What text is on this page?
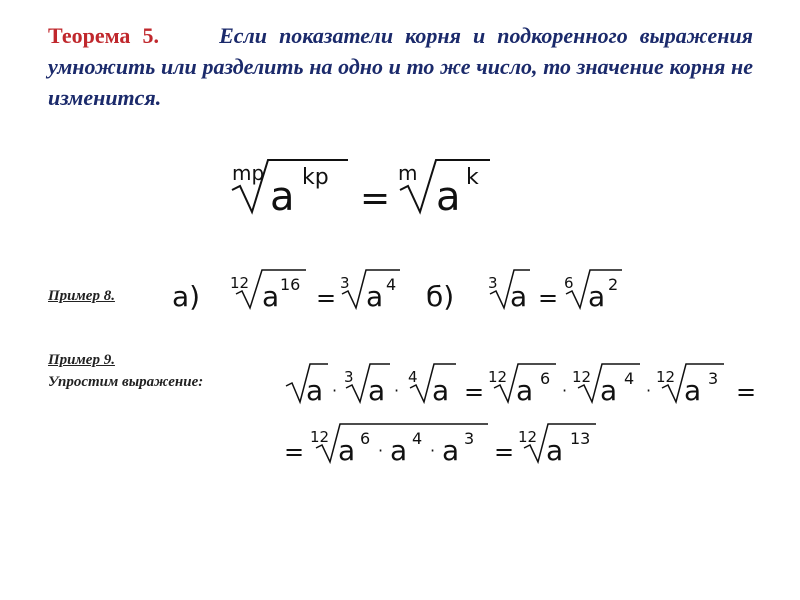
Теорема 5.	Если показатели корня и подкоренного выражения умножить или разделить на одно и то же число, то значение корня не изменится.
mp
a kp
=
m
a k
а) 12 a 16 =
3 a 4 б) 3 a =
6 a 2
a ·
3 a ·
4 a =
12 a 6
·
12 a 4
·
12 a 3 =
=
12 a 6
· a 4
· a 3 =
12 a 13
Пример 8.
Пример 9.
Упростим выражение:
